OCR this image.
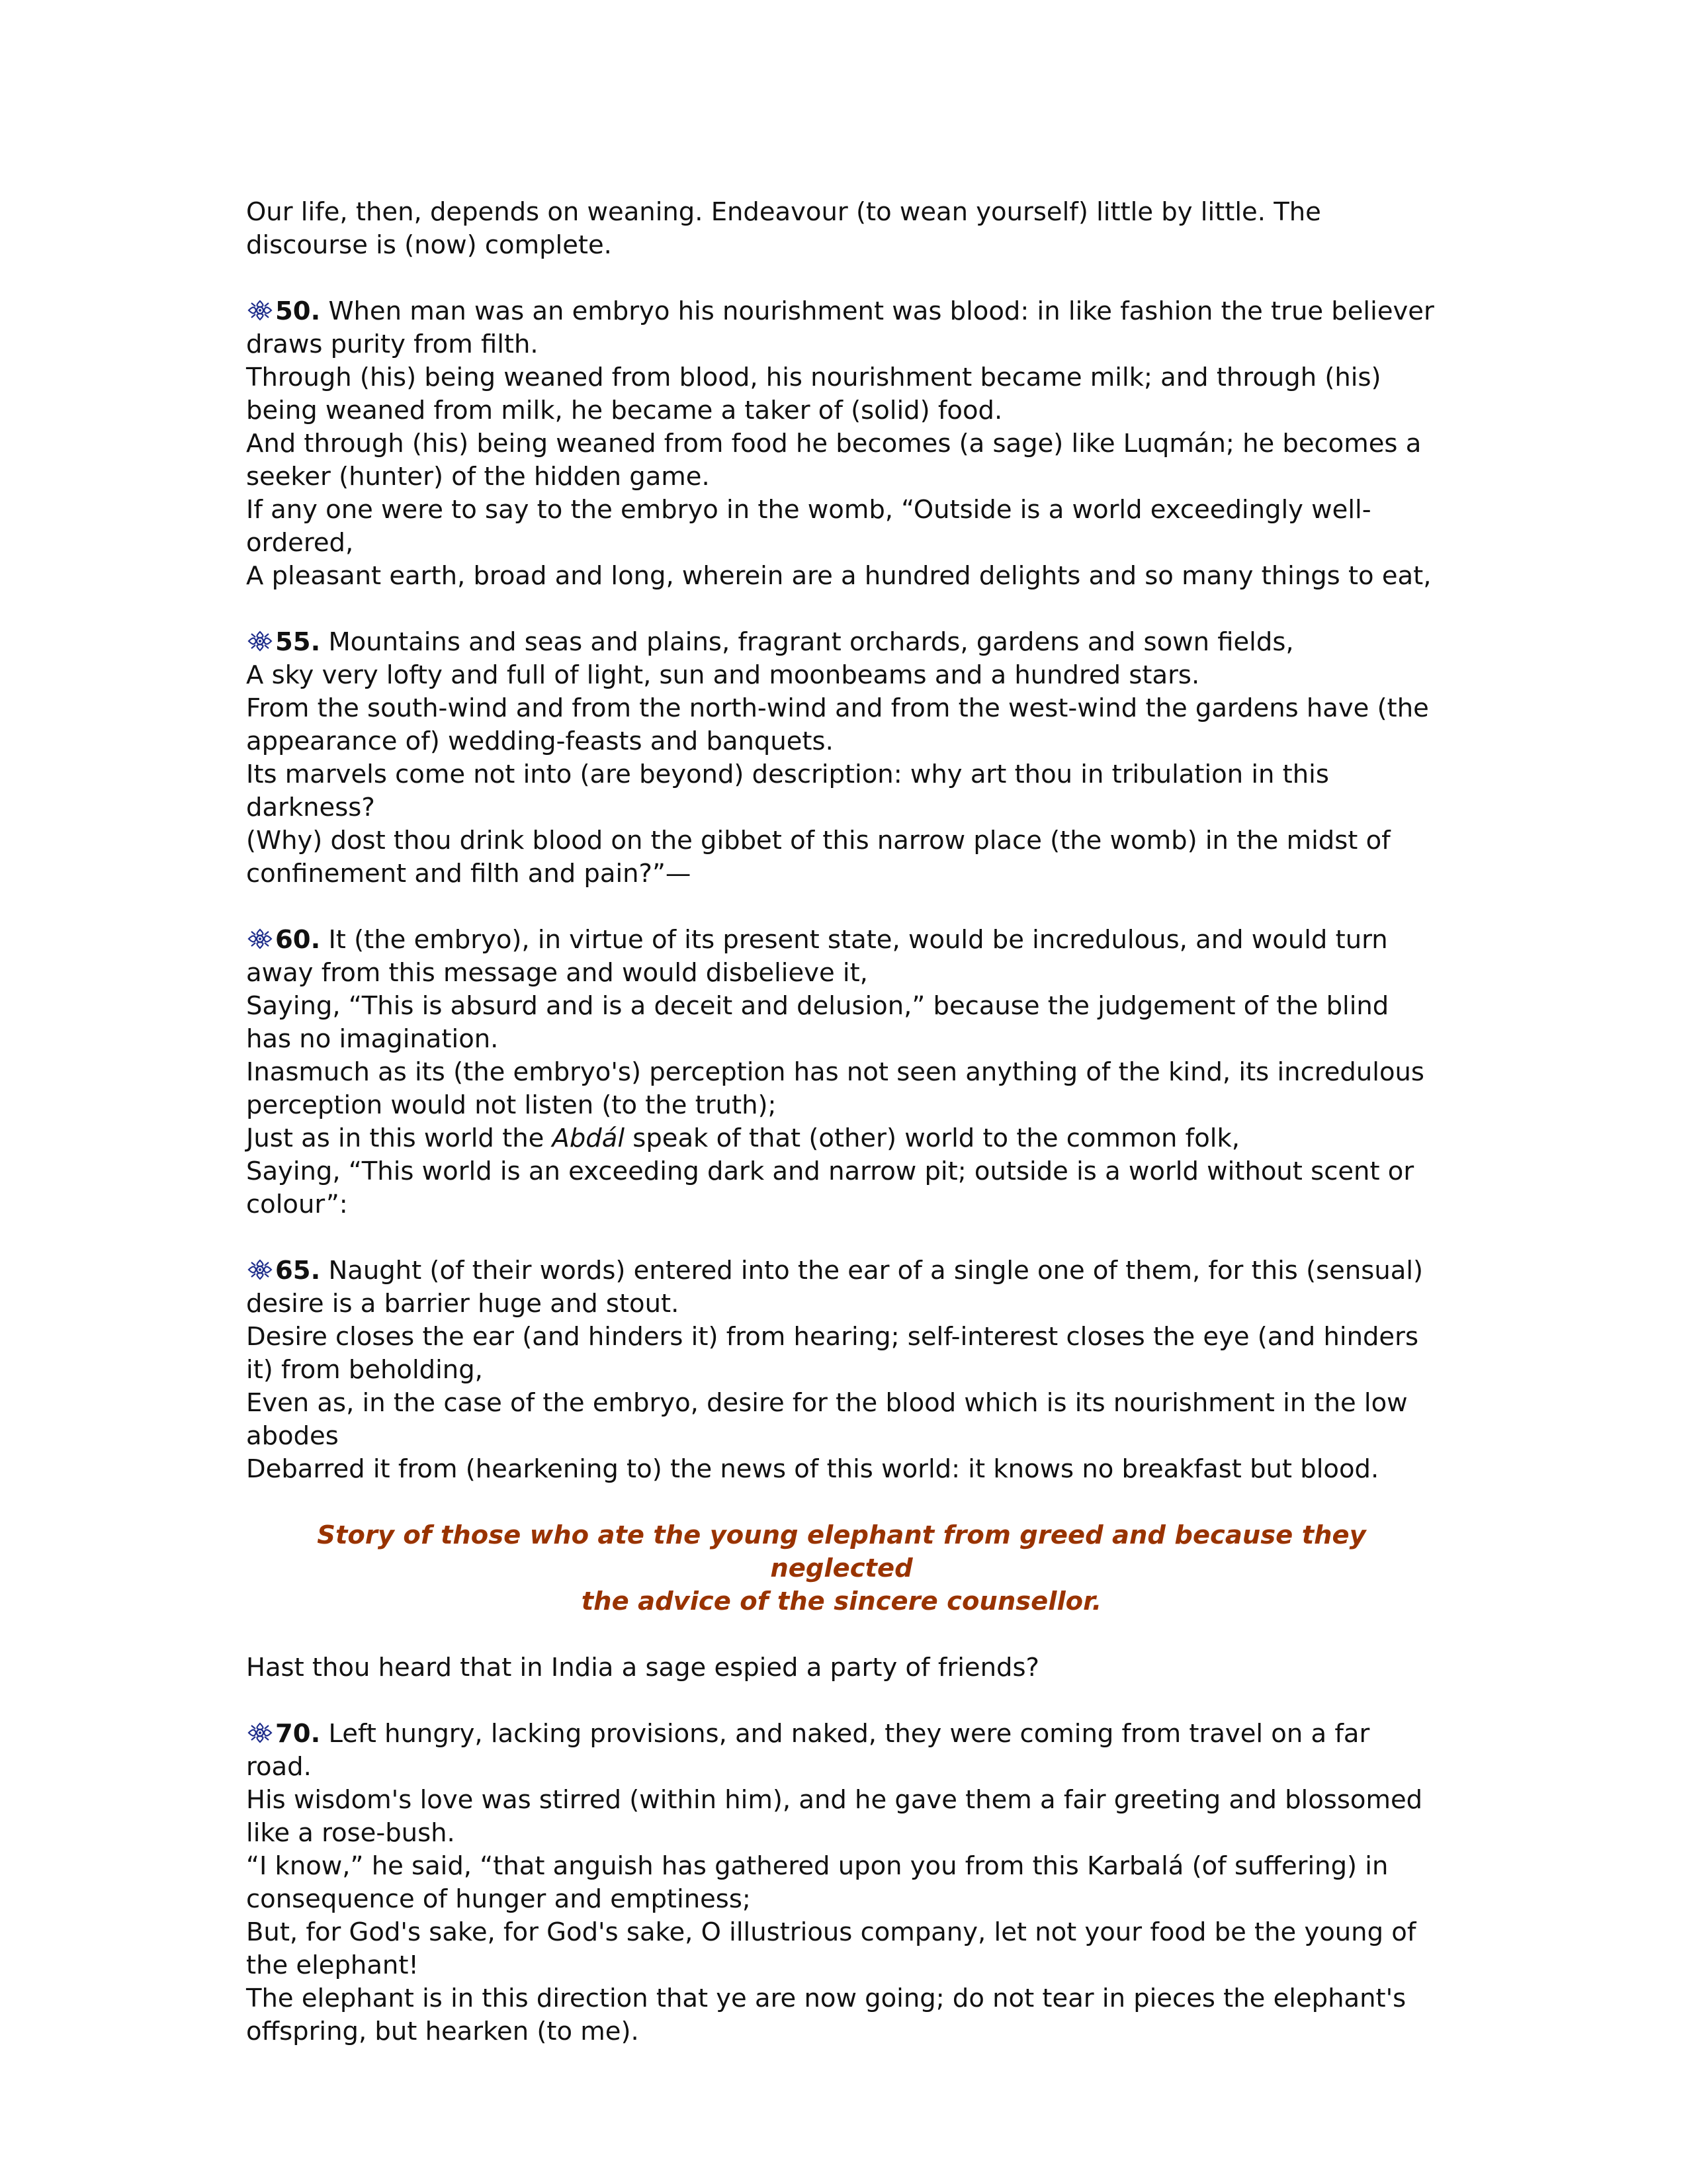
Our life, then, depends on weaning. Endeavour (to wean yourself) little by little. The discourse is (now) complete.
50. When man was an embryo his nourishment was blood: in like fashion the true believer draws purity from filth.
Through (his) being weaned from blood, his nourishment became milk; and through (his) being weaned from milk, he became a taker of (solid) food.
And through (his) being weaned from food he becomes (a sage) like Luqmán; he becomes a seeker (hunter) of the hidden game.
If any one were to say to the embryo in the womb, “Outside is a world exceedingly well-ordered,
A pleasant earth, broad and long, wherein are a hundred delights and so many things to eat,
55. Mountains and seas and plains, fragrant orchards, gardens and sown fields,
A sky very lofty and full of light, sun and moonbeams and a hundred stars.
From the south-wind and from the north-wind and from the west-wind the gardens have (the appearance of) wedding-feasts and banquets.
Its marvels come not into (are beyond) description: why art thou in tribulation in this darkness?
(Why) dost thou drink blood on the gibbet of this narrow place (the womb) in the midst of confinement and filth and pain?”—
60. It (the embryo), in virtue of its present state, would be incredulous, and would turn away from this message and would disbelieve it,
Saying, “This is absurd and is a deceit and delusion,” because the judgement of the blind has no imagination.
Inasmuch as its (the embryo's) perception has not seen anything of the kind, its incredulous perception would not listen (to the truth);
Just as in this world the Abdál speak of that (other) world to the common folk,
Saying, “This world is an exceeding dark and narrow pit; outside is a world without scent or colour”:
65. Naught (of their words) entered into the ear of a single one of them, for this (sensual) desire is a barrier huge and stout.
Desire closes the ear (and hinders it) from hearing; self-interest closes the eye (and hinders it) from beholding,
Even as, in the case of the embryo, desire for the blood which is its nourishment in the low abodes
Debarred it from (hearkening to) the news of this world: it knows no breakfast but blood.
Story of those who ate the young elephant from greed and because they neglected
the advice of the sincere counsellor.
Hast thou heard that in India a sage espied a party of friends?
70. Left hungry, lacking provisions, and naked, they were coming from travel on a far road.
His wisdom's love was stirred (within him), and he gave them a fair greeting and blossomed like a rose-bush.
“I know,” he said, “that anguish has gathered upon you from this Karbalá (of suffering) in consequence of hunger and emptiness;
But, for God's sake, for God's sake, O illustrious company, let not your food be the young of the elephant!
The elephant is in this direction that ye are now going; do not tear in pieces the elephant's offspring, but hearken (to me).
